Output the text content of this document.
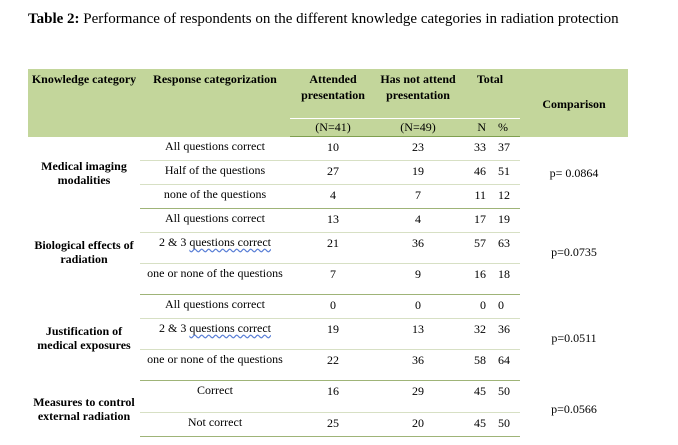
Table 2: Performance of respondents on the different knowledge categories in radiation protection
Knowledge category	Response categorization	Attended presentation	Has not attend presentation	Total		Comparison
		(N=41)	(N=49)	N	%	
Medical imaging modalities	All questions correct	10	23	33	37	p= 0.0864
	Half of the questions	27	19	46	51	
	none of the questions	4	7	11	12	
Biological effects of radiation	All questions correct	13	4	17	19	p=0.0735
	2 & 3 questions correct	21	36	57	63	
	one or none of the questions	7	9	16	18	
Justification of medical exposures	All questions correct	0	0	0	0	p=0.0511
	2 & 3 questions correct	19	13	32	36	
	one or none of the questions	22	36	58	64	
Measures to control external radiation	Correct	16	29	45	50	p=0.0566
	Not correct	25	20	45	50	
